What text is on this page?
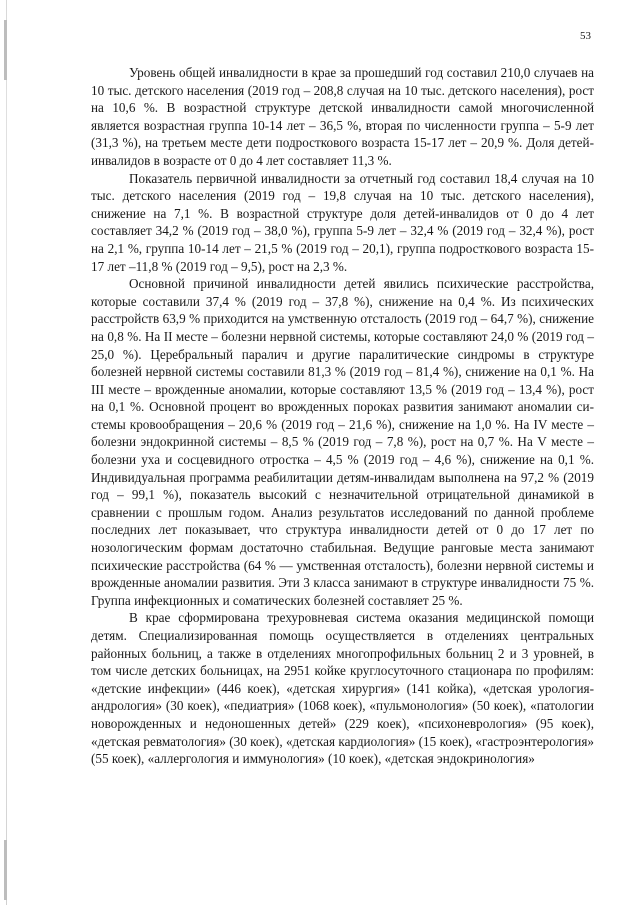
53

Уровень общей инвалидности в крае за прошедший год составил 210,0 случаев на 10 тыс. детского населения (2019 год – 208,8 случая на 10 тыс. детского населения), рост на 10,6 %. В возрастной структуре детской инвалидности самой многочисленной является возрастная группа 10-14 лет – 36,5 %, вторая по численности группа – 5-9 лет (31,3 %), на третьем месте дети подросткового возраста 15-17 лет – 20,9 %. Доля детей-инвалидов в возрасте от 0 до 4 лет составляет 11,3 %.

Показатель первичной инвалидности за отчетный год составил 18,4 случая на 10 тыс. детского населения (2019 год – 19,8 случая на 10 тыс. детского населения), снижение на 7,1 %. В возрастной структуре доля детей-инвалидов от 0 до 4 лет составляет 34,2 % (2019 год – 38,0 %), группа 5-9 лет – 32,4 % (2019 год – 32,4 %), рост на 2,1 %, группа 10-14 лет – 21,5 % (2019 год – 20,1), группа подросткового возраста 15-17 лет –11,8 % (2019 год – 9,5), рост на 2,3 %.

Основной причиной инвалидности детей явились психические расстройства, которые составили 37,4 % (2019 год – 37,8 %), снижение на 0,4 %. Из психических расстройств 63,9 % приходится на умственную отсталость (2019 год – 64,7 %), снижение на 0,8 %. На II месте – болезни нервной системы, которые составляют 24,0 % (2019 год – 25,0 %). Церебральный паралич и другие паралитические синдромы в структуре болезней нервной системы составили 81,3 % (2019 год – 81,4 %), снижение на 0,1 %. На III месте – врожденные аномалии, которые составляют 13,5 % (2019 год – 13,4 %), рост на 0,1 %. Основной процент во врожденных пороках развития занимают аномалии системы кровообращения – 20,6 % (2019 год – 21,6 %), снижение на 1,0 %. На IV месте – болезни эндокринной системы – 8,5 % (2019 год – 7,8 %), рост на 0,7 %. На V месте – болезни уха и сосцевидного отростка – 4,5 % (2019 год – 4,6 %), снижение на 0,1 %. Индивидуальная программа реабилитации детям-инвалидам выполнена на 97,2 % (2019 год – 99,1 %), показатель высокий с незначительной отрицательной динамикой в сравнении с прошлым годом. Анализ результатов исследований по данной проблеме последних лет показывает, что структура инвалидности детей от 0 до 17 лет по нозологическим формам достаточно стабильная. Ведущие ранговые места занимают психические расстройства (64 % — умственная отсталость), болезни нервной системы и врожденные аномалии развития. Эти 3 класса занимают в структуре инвалидности 75 %. Группа инфекционных и соматических болезней составляет 25 %.

В крае сформирована трехуровневая система оказания медицинской помощи детям. Специализированная помощь осуществляется в отделениях центральных районных больниц, а также в отделениях многопрофильных больниц 2 и 3 уровней, в том числе детских больницах, на 2951 койке круглосуточного стационара по профилям: «детские инфекции» (446 коек), «детская хирургия» (141 койка), «детская урология-андрология» (30 коек), «педиатрия» (1068 коек), «пульмонология» (50 коек), «патологии новорожденных и недоношенных детей» (229 коек), «психоневрология» (95 коек), «детская ревматология» (30 коек), «детская кардиология» (15 коек), «гастроэнтерология» (55 коек), «аллергология и иммунология» (10 коек), «детская эндокринология»
